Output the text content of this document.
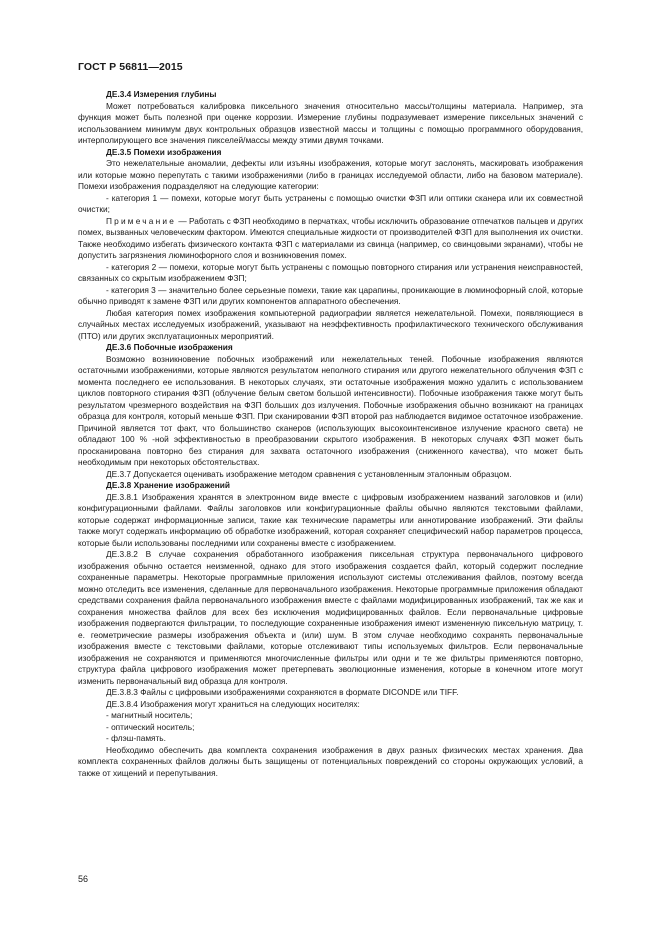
ГОСТ Р 56811—2015

ДЕ.3.4 Измерения глубины

Может потребоваться калибровка пиксельного значения относительно массы/толщины материала. Например, эта функция может быть полезной при оценке коррозии. Измерение глубины подразумевает измерение пиксельных значений с использованием минимум двух контрольных образцов известной массы и толщины с помощью программного оборудования, интерполирующего все значения пикселей/массы между этими двумя точками.

ДЕ.3.5 Помехи изображения

Это нежелательные аномалии, дефекты или изъяны изображения, которые могут заслонять, маскировать изображения или которые можно перепутать с такими изображениями (либо в границах исследуемой области, либо на базовом материале). Помехи изображения подразделяют на следующие категории:

- категория 1 — помехи, которые могут быть устранены с помощью очистки ФЗП или оптики сканера или их совместной очистки;

Примечание — Работать с ФЗП необходимо в перчатках, чтобы исключить образование отпечатков пальцев и других помех, вызванных человеческим фактором. Имеются специальные жидкости от производителей ФЗП для выполнения их очистки. Также необходимо избегать физического контакта ФЗП с материалами из свинца (например, со свинцовыми экранами), чтобы не допустить загрязнения люминофорного слоя и возникновения помех.

- категория 2 — помехи, которые могут быть устранены с помощью повторного стирания или устранения неисправностей, связанных со скрытым изображением ФЗП;

- категория 3 — значительно более серьезные помехи, такие как царапины, проникающие в люминофорный слой, которые обычно приводят к замене ФЗП или других компонентов аппаратного обеспечения.

Любая категория помех изображения компьютерной радиографии является нежелательной. Помехи, появляющиеся в случайных местах исследуемых изображений, указывают на неэффективность профилактического технического обслуживания (ПТО) или других эксплуатационных мероприятий.

ДЕ.3.6 Побочные изображения

Возможно возникновение побочных изображений или нежелательных теней. Побочные изображения являются остаточными изображениями, которые являются результатом неполного стирания или другого нежелательного облучения ФЗП с момента последнего ее использования. В некоторых случаях, эти остаточные изображения можно удалить с использованием циклов повторного стирания ФЗП (облучение белым светом большой интенсивности). Побочные изображения также могут быть результатом чрезмерного воздействия на ФЗП больших доз излучения. Побочные изображения обычно возникают на границах образца для контроля, который меньше ФЗП. При сканировании ФЗП второй раз наблюдается видимое остаточное изображение. Причиной является тот факт, что большинство сканеров (использующих высокоинтенсивное излучение красного света) не обладают 100 % -ной эффективностью в преобразовании скрытого изображения. В некоторых случаях ФЗП может быть просканирована повторно без стирания для захвата остаточного изображения (сниженного качества), что может быть необходимым при некоторых обстоятельствах.

ДЕ.3.7 Допускается оценивать изображение методом сравнения с установленным эталонным образцом.

ДЕ.3.8 Хранение изображений

ДЕ.3.8.1 Изображения хранятся в электронном виде вместе с цифровым изображением названий заголовков и (или) конфигурационными файлами. Файлы заголовков или конфигурационные файлы обычно являются текстовыми файлами, которые содержат информационные записи, такие как технические параметры или аннотирование изображений. Эти файлы также могут содержать информацию об обработке изображений, которая сохраняет специфический набор параметров процесса, которые были использованы последними или сохранены вместе с изображением.

ДЕ.3.8.2 В случае сохранения обработанного изображения пиксельная структура первоначального цифрового изображения обычно остается неизменной, однако для этого изображения создается файл, который содержит последние сохраненные параметры. Некоторые программные приложения используют системы отслеживания файлов, поэтому всегда можно отследить все изменения, сделанные для первоначального изображения. Некоторые программные приложения обладают средствами сохранения файла первоначального изображения вместе с файлами модифицированных изображений, так же как и сохранения множества файлов для всех без исключения модифицированных файлов. Если первоначальные цифровые изображения подвергаются фильтрации, то последующие сохраненные изображения имеют измененную пиксельную матрицу, т. е. геометрические размеры изображения объекта и (или) шум. В этом случае необходимо сохранять первоначальные изображения вместе с текстовыми файлами, которые отслеживают типы используемых фильтров. Если первоначальные изображения не сохраняются и применяются многочисленные фильтры или одни и те же фильтры применяются повторно, структура файла цифрового изображения может претерпевать эволюционные изменения, которые в конечном итоге могут изменить первоначальный вид образца для контроля.

ДЕ.3.8.3 Файлы с цифровыми изображениями сохраняются в формате DICONDE или TIFF.

ДЕ.3.8.4 Изображения могут храниться на следующих носителях:

- магнитный носитель;

- оптический носитель;

- флэш-память.

Необходимо обеспечить два комплекта сохранения изображения в двух разных физических местах хранения. Два комплекта сохраненных файлов должны быть защищены от потенциальных повреждений со стороны окружающих условий, а также от хищений и перепутывания.

56
